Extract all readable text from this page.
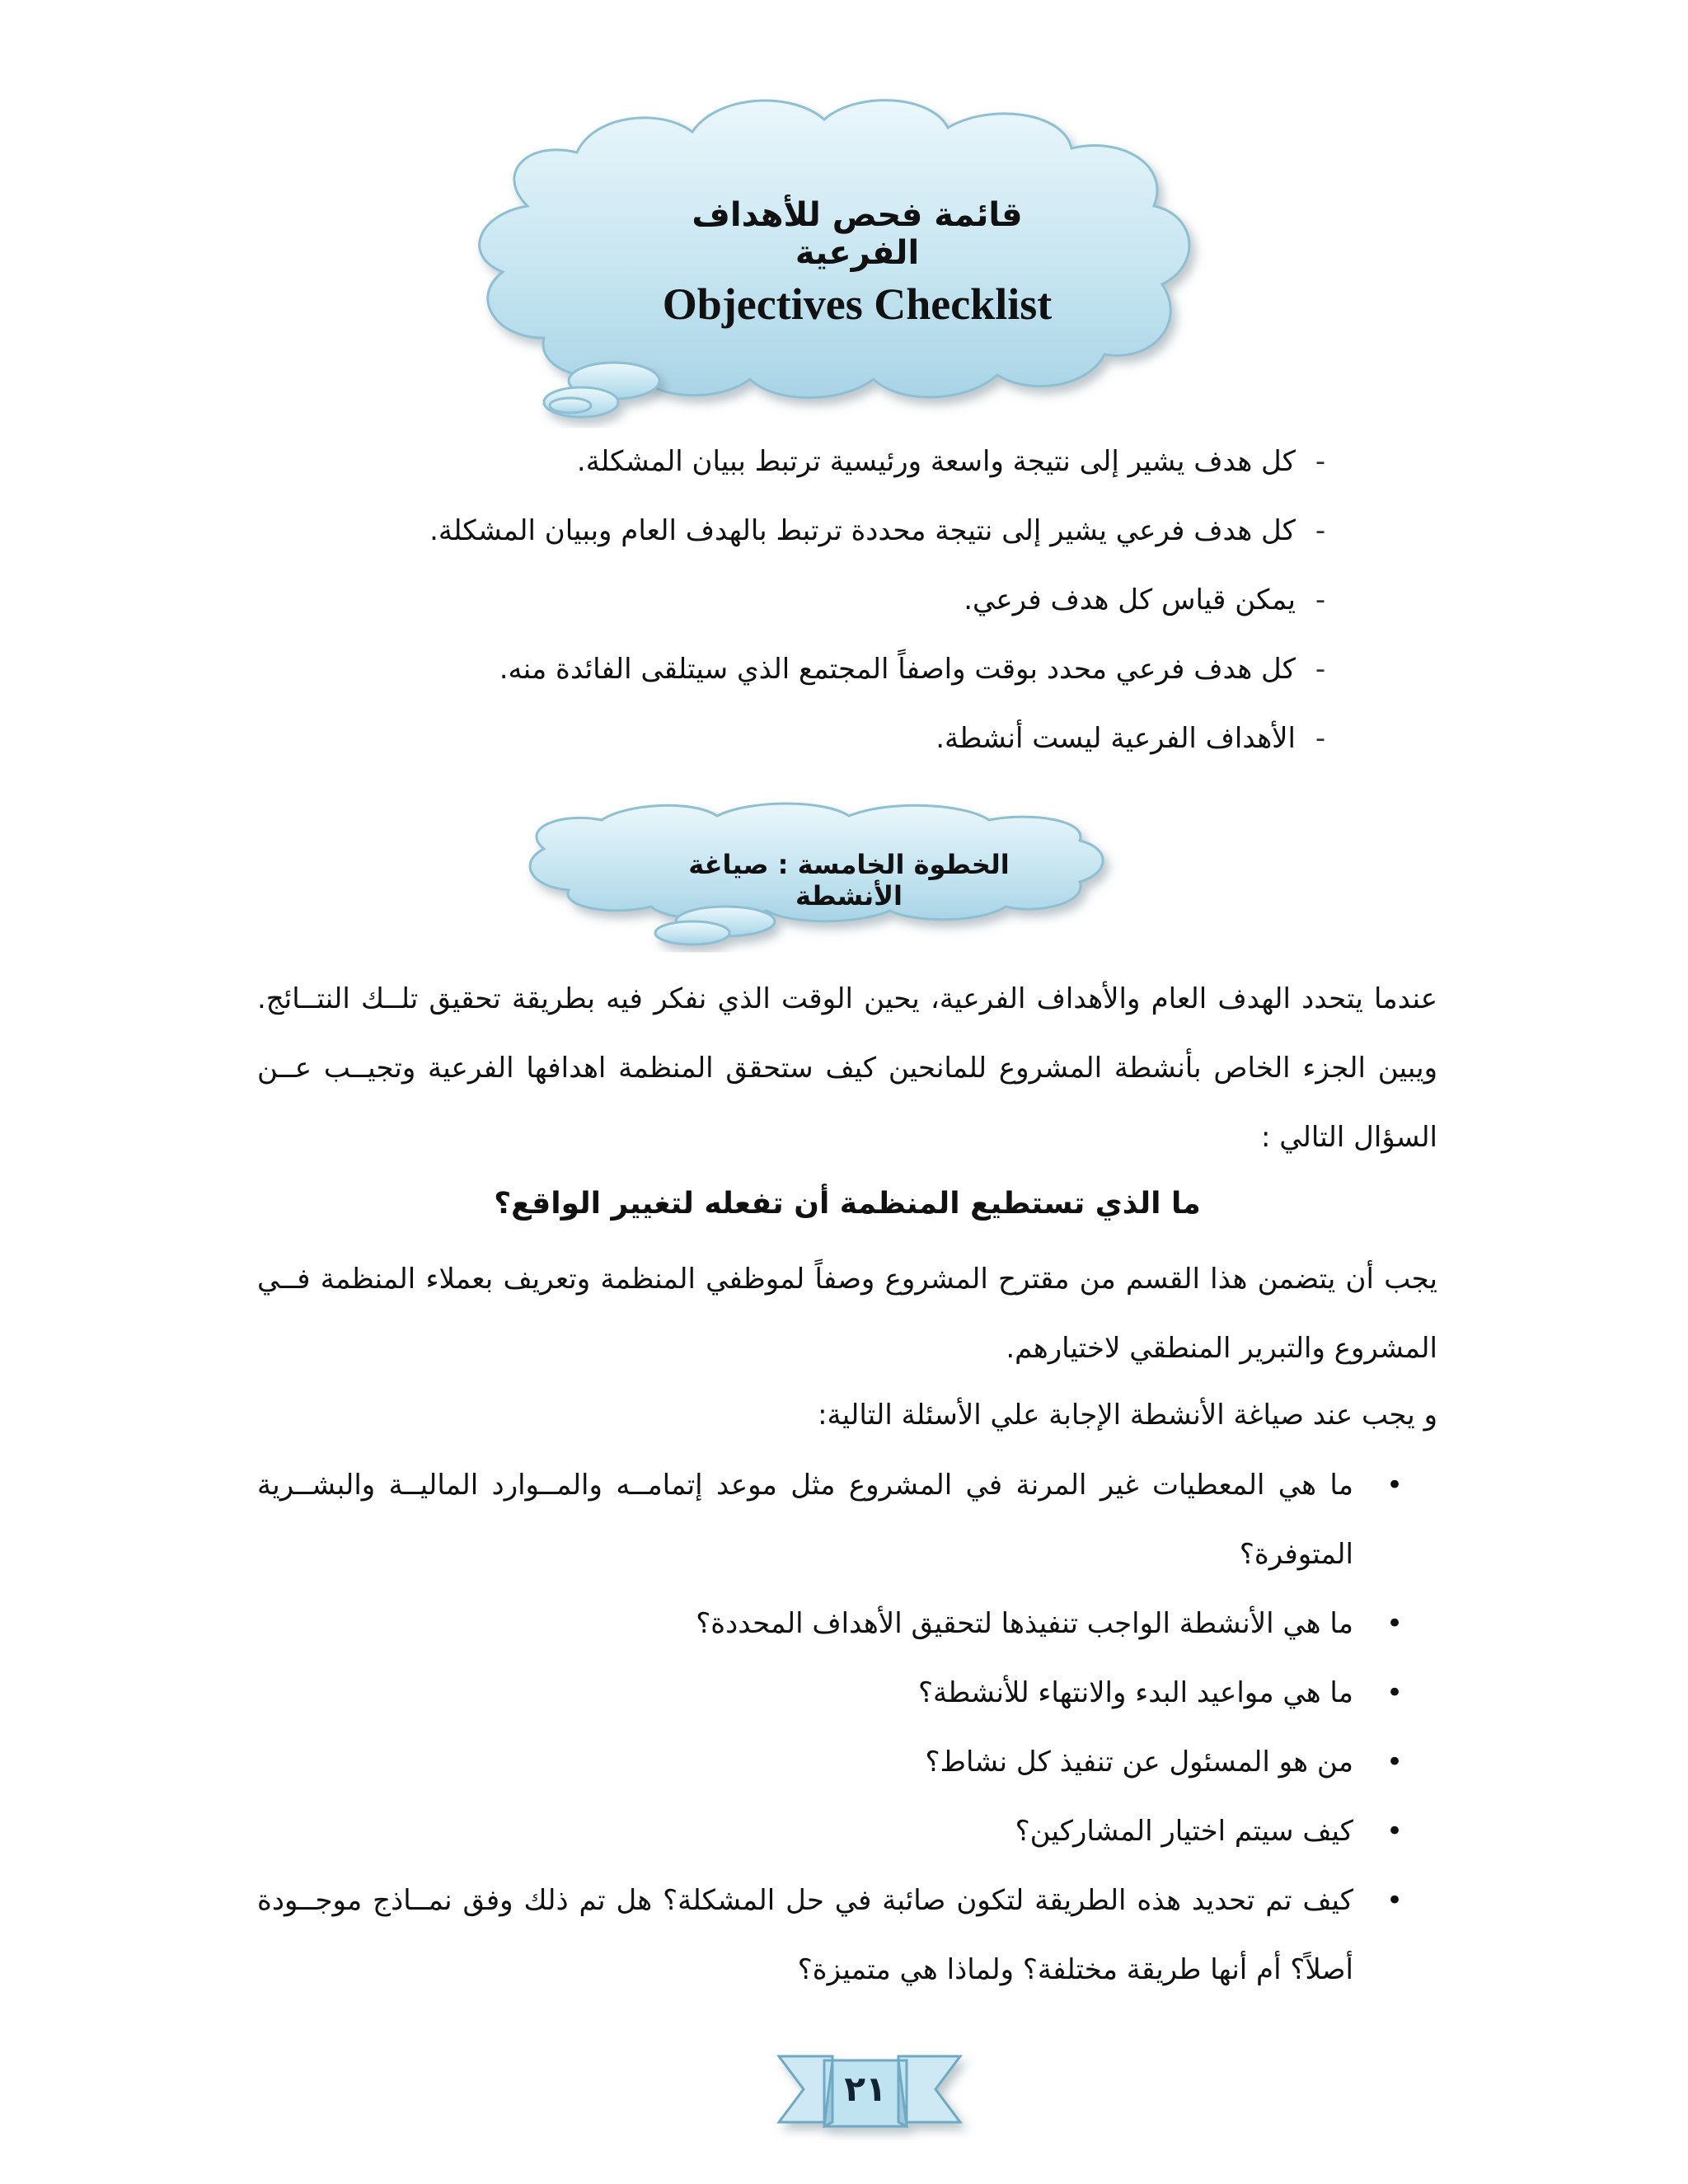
قائمة فحص للأهداف الفرعية
Objectives Checklist
-كل هدف يشير إلى نتيجة واسعة ورئيسية ترتبط ببيان المشكلة.
-كل هدف فرعي يشير إلى نتيجة محددة ترتبط بالهدف العام وببيان المشكلة.
-يمكن قياس كل هدف فرعي.
-كل هدف فرعي محدد بوقت واصفاً المجتمع الذي سيتلقى الفائدة منه.
-الأهداف الفرعية ليست أنشطة.
الخطوة الخامسة : صياغة الأنشطة
عندما يتحدد الهدف العام والأهداف الفرعية، يحين الوقت الذي نفكر فيه بطريقة تحقيق تلــك النتــائج. ويبين الجزء الخاص بأنشطة المشروع للمانحين كيف ستحقق المنظمة اهدافها الفرعية وتجيــب عــن السؤال التالي :
ما الذي تستطيع المنظمة أن تفعله لتغيير الواقع؟
يجب أن يتضمن هذا القسم من مقترح المشروع وصفاً لموظفي المنظمة وتعريف بعملاء المنظمة فــي المشروع والتبرير المنطقي لاختيارهم.
و يجب عند صياغة الأنشطة الإجابة علي الأسئلة التالية:
•
ما هي المعطيات غير المرنة في المشروع مثل موعد إتمامــه والمــوارد الماليــة والبشــرية المتوفرة؟
•
ما هي الأنشطة الواجب تنفيذها لتحقيق الأهداف المحددة؟
•
ما هي مواعيد البدء والانتهاء للأنشطة؟
•
من هو المسئول عن تنفيذ كل نشاط؟
•
كيف سيتم اختيار المشاركين؟
•
كيف تم تحديد هذه الطريقة لتكون صائبة في حل المشكلة؟ هل تم ذلك وفق نمــاذج موجــودة أصلاً؟ أم أنها طريقة مختلفة؟ ولماذا هي متميزة؟
٢١
